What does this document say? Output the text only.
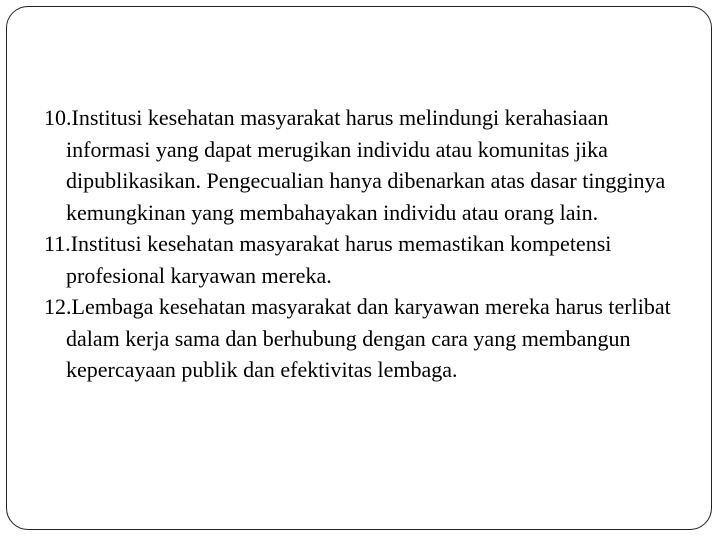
10.Institusi kesehatan masyarakat harus melindungi kerahasiaan informasi yang dapat merugikan individu atau komunitas jika dipublikasikan. Pengecualian hanya dibenarkan atas dasar tingginya kemungkinan yang membahayakan individu atau orang lain.

11.Institusi kesehatan masyarakat harus memastikan kompetensi profesional karyawan mereka.

12.Lembaga kesehatan masyarakat dan karyawan mereka harus terlibat dalam kerja sama dan berhubung dengan cara yang membangun kepercayaan publik dan efektivitas lembaga.
